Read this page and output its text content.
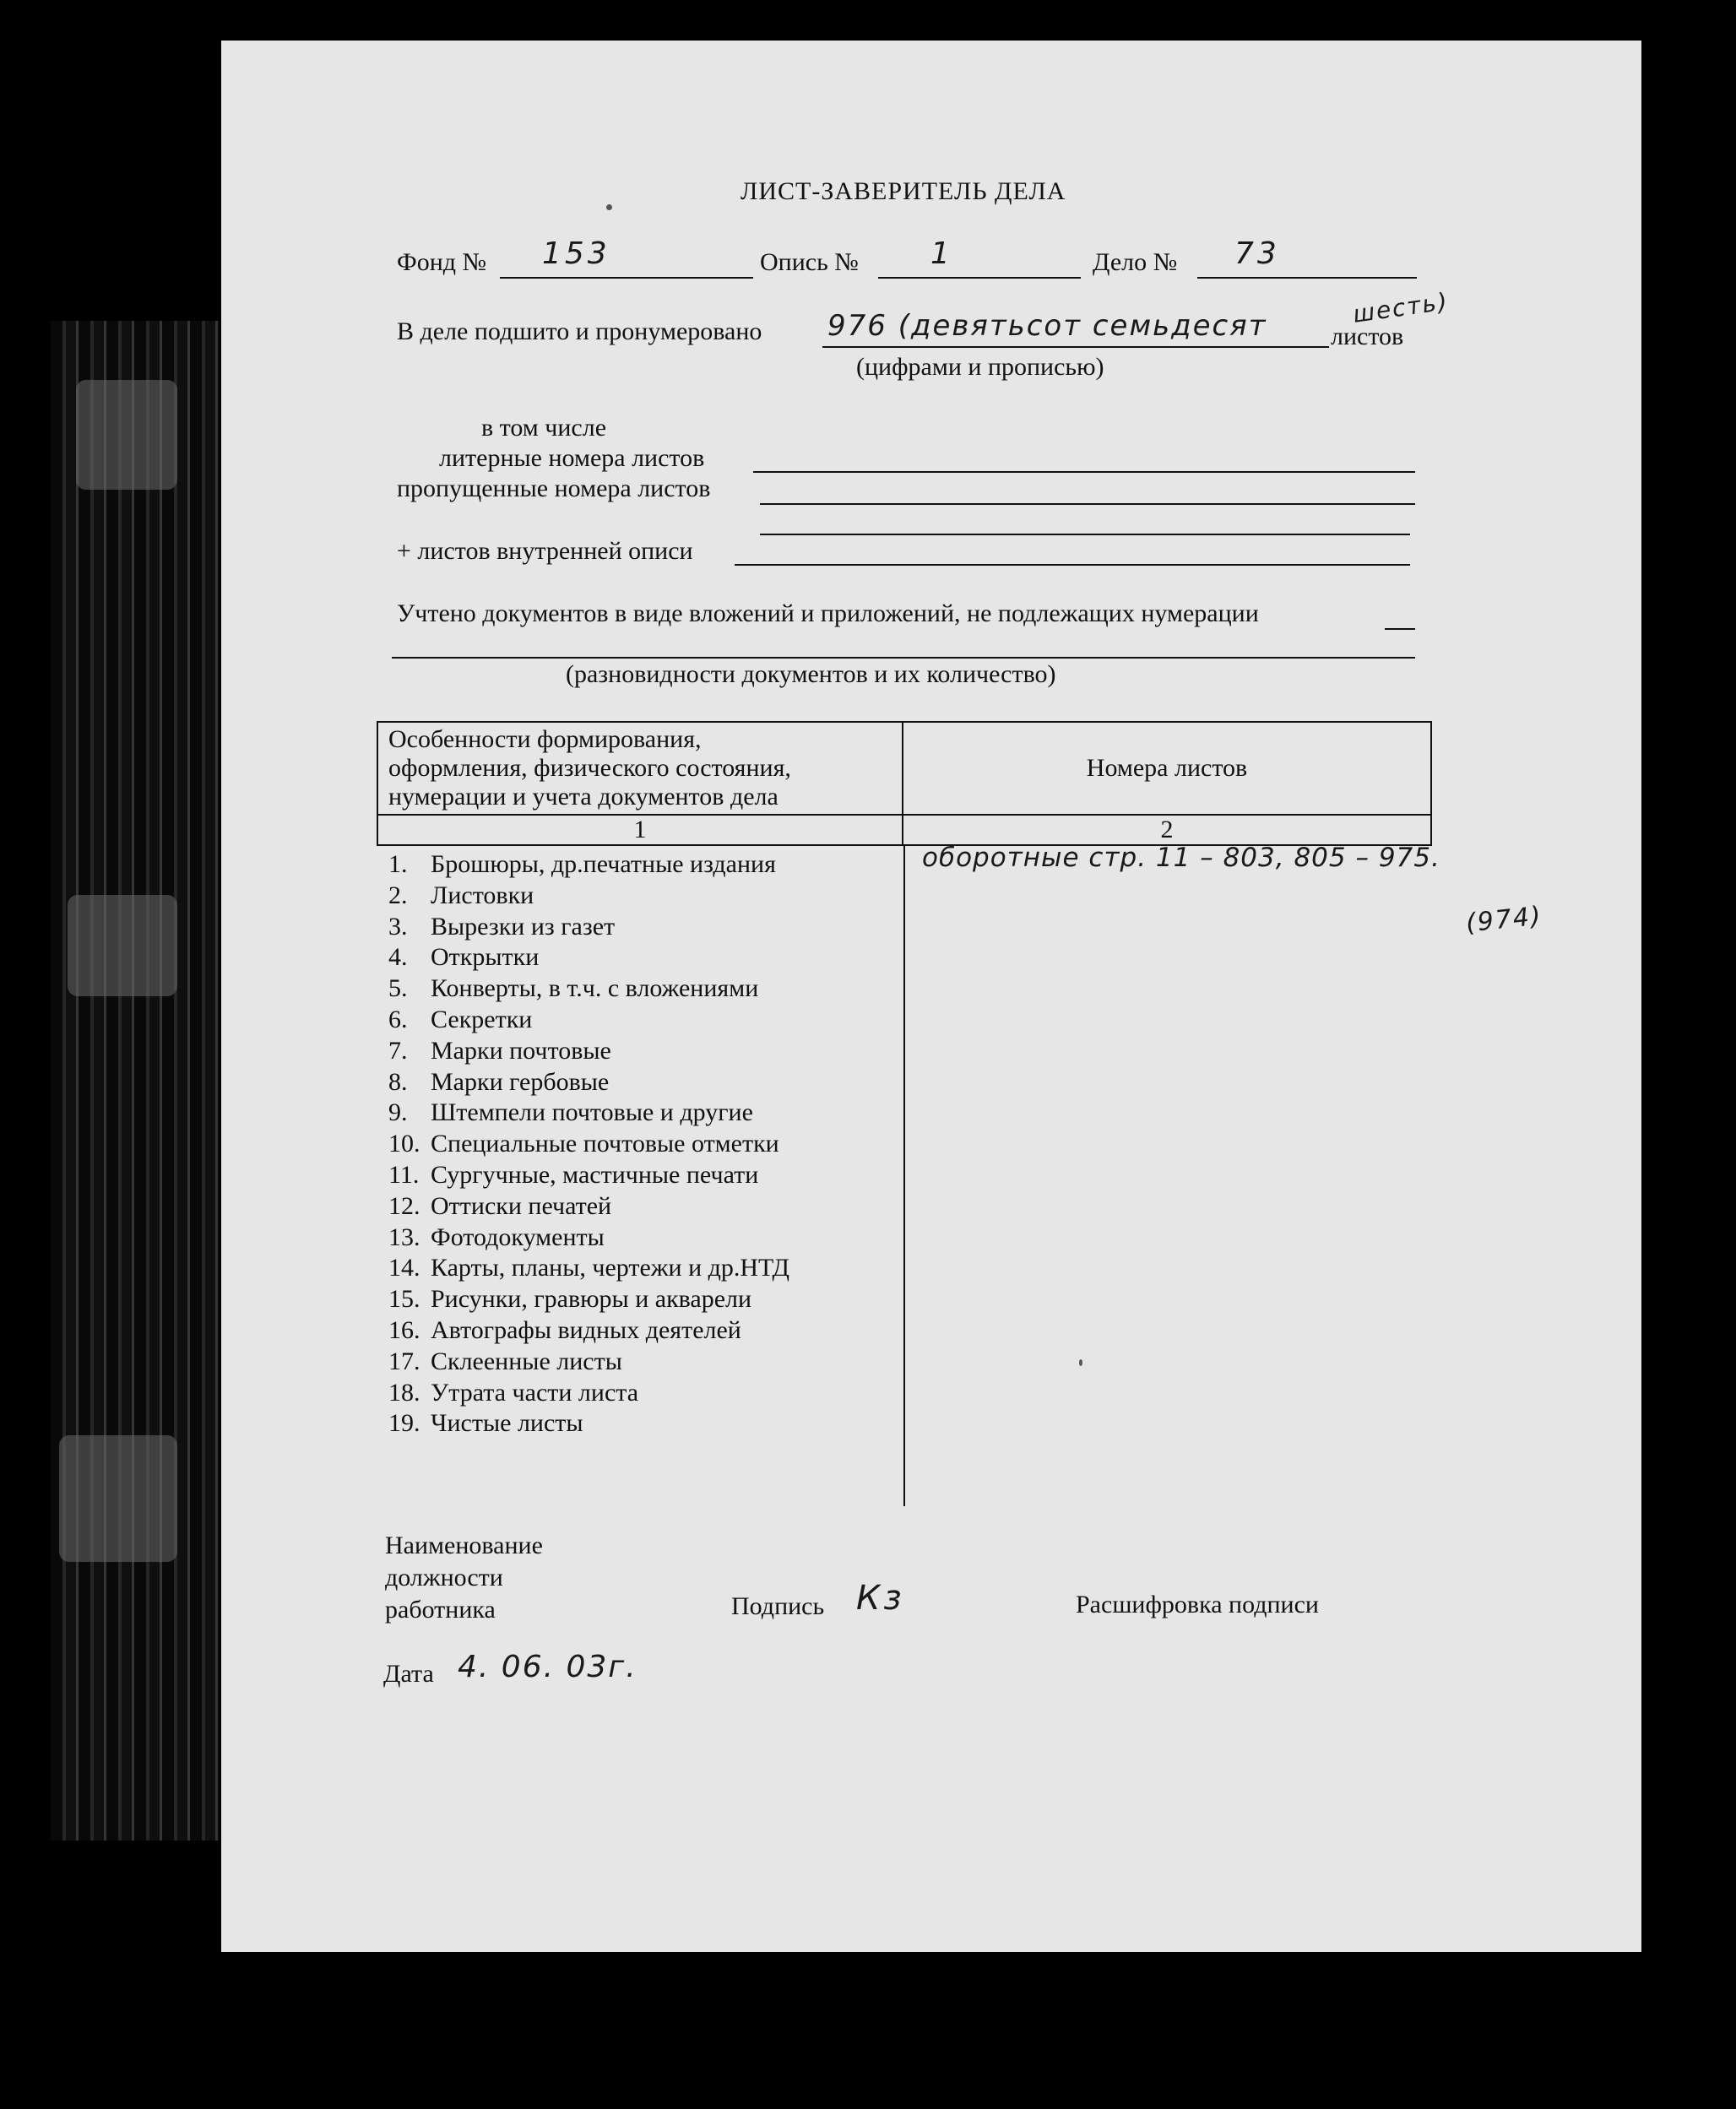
ЛИСТ-ЗАВЕРИТЕЛЬ ДЕЛА
Фонд № 153	Опись № 1	Дело № 73
В деле подшито и пронумеровано 976 (девятьсот семьдесят	шесть)
листов
(цифрами и прописью)
в том числе
литерные номера листов
пропущенные номера листов
+ листов внутренней описи
Учтено документов в виде вложений и приложений, не подлежащих нумерации
(разновидности документов и их количество)
Особенности формирования,
оформления, физического состояния,
нумерации и учета документов дела	Номера листов
1	2
1. Брошюры, др.печатные издания
2. Листовки
3. Вырезки из газет
4. Открытки
5. Конверты, в т.ч. с вложениями
6. Секретки
7. Марки почтовые
8. Марки гербовые
9. Штемпели почтовые и другие
10. Специальные почтовые отметки
11. Сургучные, мастичные печати
12. Оттиски печатей
13. Фотодокументы
14. Карты, планы, чертежи и др.НТД
15. Рисунки, гравюры и акварели
16. Автографы видных деятелей
17. Склеенные листы
18. Утрата части листа
19. Чистые листы
оборотные стр. 11 – 803, 805 – 975.
(974)
Наименование
должности
работника	Подпись Кз	Расшифровка подписи
Дата 4. 06. 03г.
